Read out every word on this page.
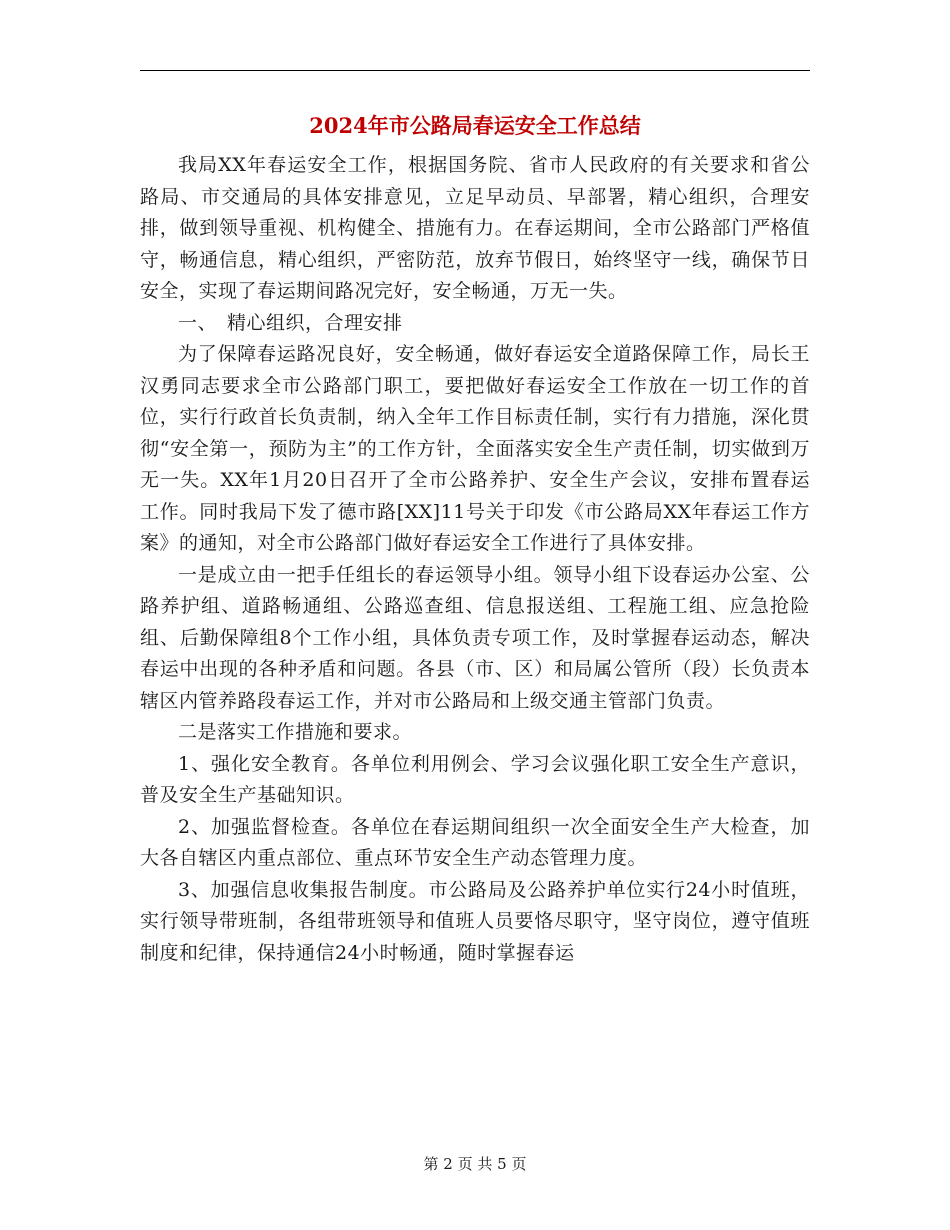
2024年市公路局春运安全工作总结

我局XX年春运安全工作，根据国务院、省市人民政府的有关要求和省公路局、市交通局的具体安排意见，立足早动员、早部署，精心组织，合理安排，做到领导重视、机构健全、措施有力。在春运期间，全市公路部门严格值守，畅通信息，精心组织，严密防范，放弃节假日，始终坚守一线，确保节日安全，实现了春运期间路况完好，安全畅通，万无一失。

一、　精心组织，合理安排

为了保障春运路况良好，安全畅通，做好春运安全道路保障工作，局长王汉勇同志要求全市公路部门职工，要把做好春运安全工作放在一切工作的首位，实行行政首长负责制，纳入全年工作目标责任制，实行有力措施，深化贯彻“安全第一，预防为主”的工作方针，全面落实安全生产责任制，切实做到万无一失。XX年1月20日召开了全市公路养护、安全生产会议，安排布置春运工作。同时我局下发了德市路[XX]11号关于印发《市公路局XX年春运工作方案》的通知，对全市公路部门做好春运安全工作进行了具体安排。

一是成立由一把手任组长的春运领导小组。领导小组下设春运办公室、公路养护组、道路畅通组、公路巡查组、信息报送组、工程施工组、应急抢险组、后勤保障组8个工作小组，具体负责专项工作，及时掌握春运动态，解决春运中出现的各种矛盾和问题。各县（市、区）和局属公管所（段）长负责本辖区内管养路段春运工作，并对市公路局和上级交通主管部门负责。

二是落实工作措施和要求。

1、强化安全教育。各单位利用例会、学习会议强化职工安全生产意识，普及安全生产基础知识。

2、加强监督检查。各单位在春运期间组织一次全面安全生产大检查，加大各自辖区内重点部位、重点环节安全生产动态管理力度。

3、加强信息收集报告制度。市公路局及公路养护单位实行24小时值班，实行领导带班制，各组带班领导和值班人员要恪尽职守，坚守岗位，遵守值班制度和纪律，保持通信24小时畅通，随时掌握春运

第 2 页 共 5 页
